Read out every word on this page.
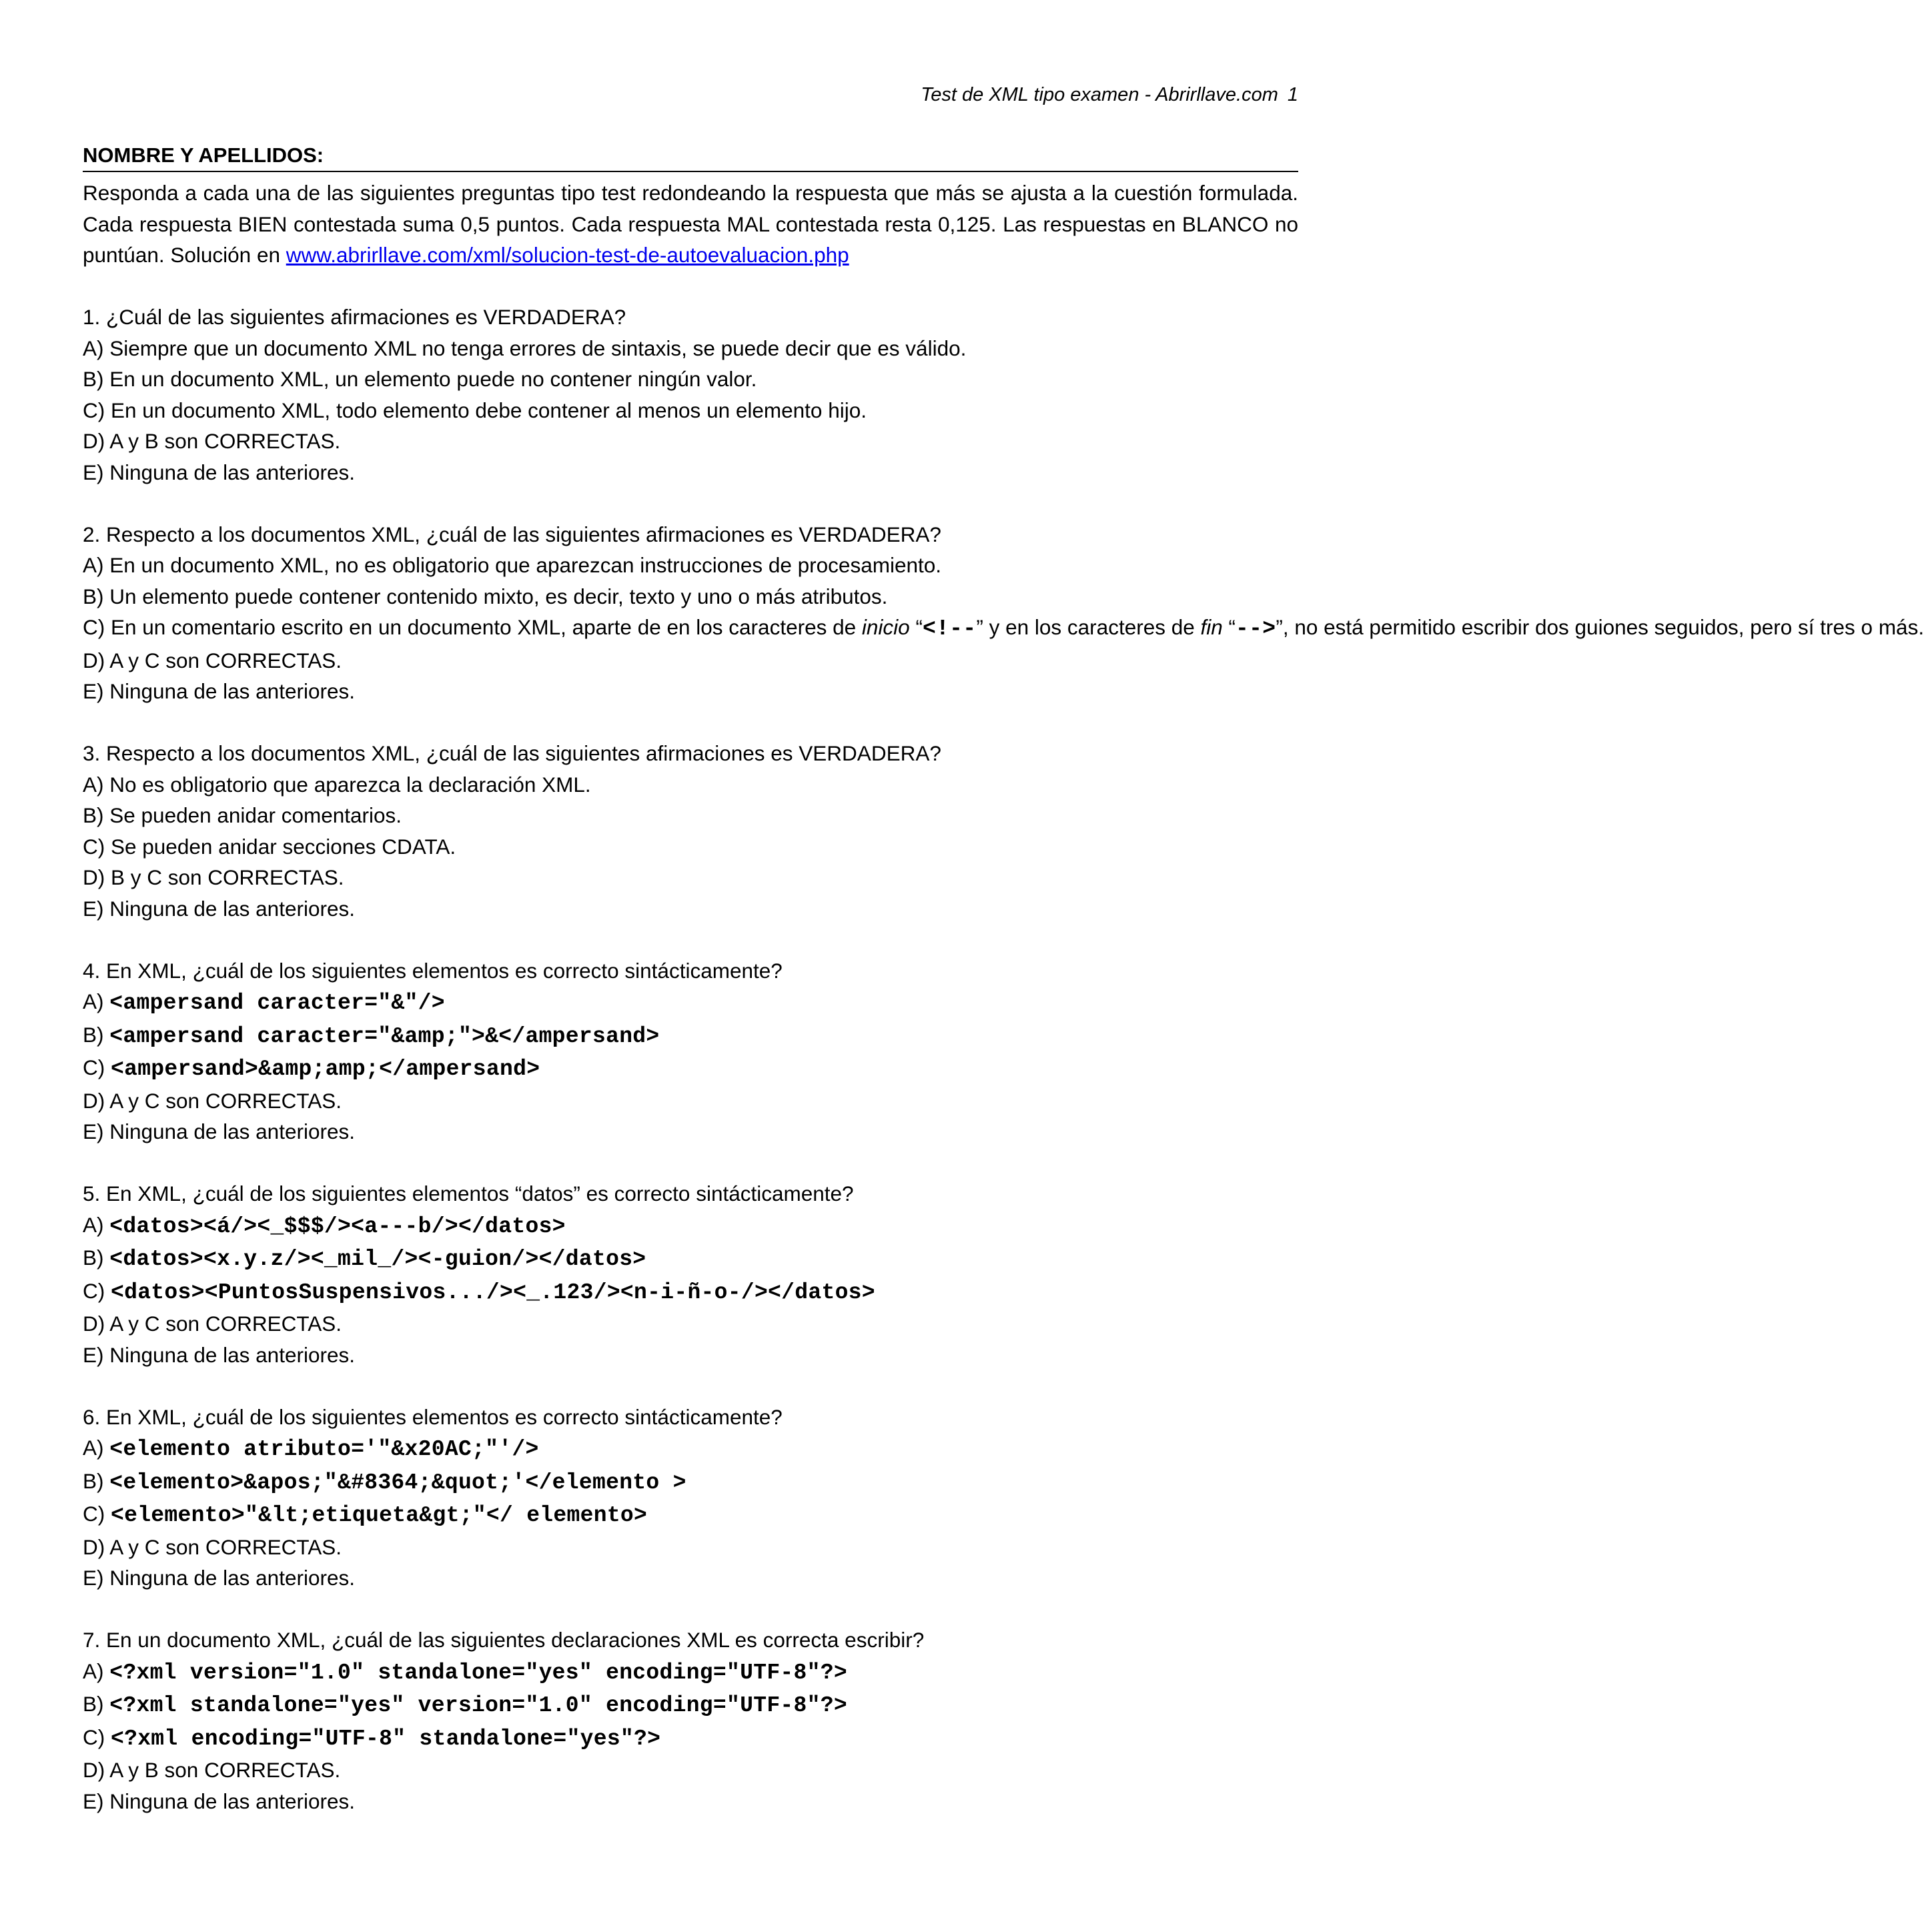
Test de XML tipo examen - Abrirllave.com 1
NOMBRE Y APELLIDOS:

Responda a cada una de las siguientes preguntas tipo test redondeando la respuesta que más se ajusta a la cuestión formulada. Cada respuesta BIEN contestada suma 0,5 puntos. Cada respuesta MAL contestada resta 0,125. Las respuestas en BLANCO no puntúan. Solución en www.abrirllave.com/xml/solucion-test-de-autoevaluacion.php

1. ¿Cuál de las siguientes afirmaciones es VERDADERA?
A) Siempre que un documento XML no tenga errores de sintaxis, se puede decir que es válido.
B) En un documento XML, un elemento puede no contener ningún valor.
C) En un documento XML, todo elemento debe contener al menos un elemento hijo.
D) A y B son CORRECTAS.
E) Ninguna de las anteriores.
2. Respecto a los documentos XML, ¿cuál de las siguientes afirmaciones es VERDADERA?
A) En un documento XML, no es obligatorio que aparezcan instrucciones de procesamiento.
B) Un elemento puede contener contenido mixto, es decir, texto y uno o más atributos.
C) En un comentario escrito en un documento XML, aparte de en los caracteres de inicio “<!--” y en los caracteres de fin “-->”, no está permitido escribir dos guiones seguidos, pero sí tres o más.
D) A y C son CORRECTAS.
E) Ninguna de las anteriores.
3. Respecto a los documentos XML, ¿cuál de las siguientes afirmaciones es VERDADERA?
A) No es obligatorio que aparezca la declaración XML.
B) Se pueden anidar comentarios.
C) Se pueden anidar secciones CDATA.
D) B y C son CORRECTAS.
E) Ninguna de las anteriores.
4. En XML, ¿cuál de los siguientes elementos es correcto sintácticamente?
A) <ampersand caracter="&"/>
B) <ampersand caracter="&amp;">&</ampersand>
C) <ampersand>&amp;amp;</ampersand>
D) A y C son CORRECTAS.
E) Ninguna de las anteriores.
5. En XML, ¿cuál de los siguientes elementos “datos” es correcto sintácticamente?
A) <datos><á/><_$$$/><a---b/></datos>
B) <datos><x.y.z/><_mil_/><-guion/></datos>
C) <datos><PuntosSuspensivos.../><_.123/><n-i-ñ-o-/></datos>
D) A y C son CORRECTAS.
E) Ninguna de las anteriores.
6. En XML, ¿cuál de los siguientes elementos es correcto sintácticamente?
A) <elemento atributo='"&x20AC;"'/>
B) <elemento>&apos;"&#8364;&quot;'</elemento >
C) <elemento>"&lt;etiqueta&gt;"</ elemento>
D) A y C son CORRECTAS.
E) Ninguna de las anteriores.
7. En un documento XML, ¿cuál de las siguientes declaraciones XML es correcta escribir?
A) <?xml version="1.0" standalone="yes" encoding="UTF-8"?>
B) <?xml standalone="yes" version="1.0" encoding="UTF-8"?>
C) <?xml encoding="UTF-8" standalone="yes"?>
D) A y B son CORRECTAS.
E) Ninguna de las anteriores.
